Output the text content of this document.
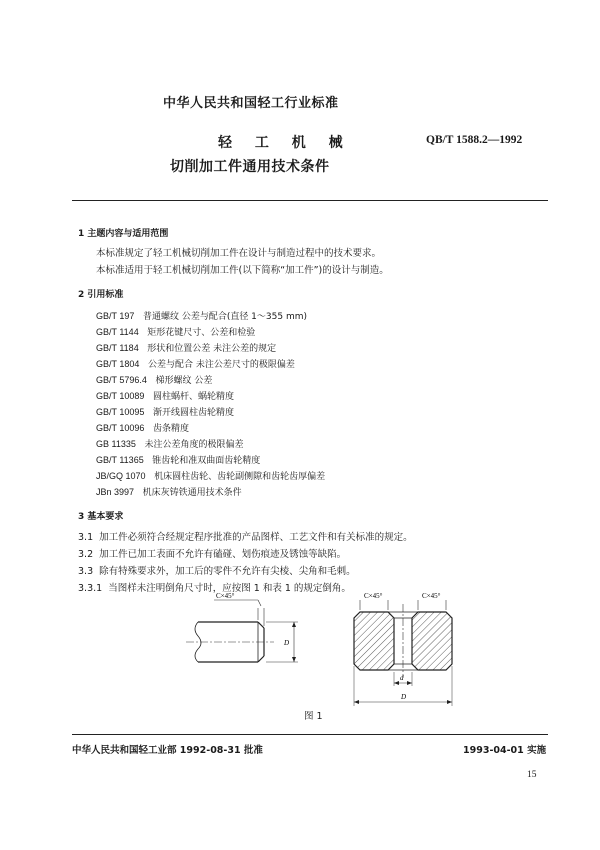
中华人民共和国轻工行业标准
轻 工 机 械
切削加工件通用技术条件
QB/T 1588.2—1992
1 主题内容与适用范围
本标准规定了轻工机械切削加工件在设计与制造过程中的技术要求。
本标准适用于轻工机械切削加工件(以下简称“加工件”)的设计与制造。
2 引用标准
GB/T 197 普通螺纹 公差与配合(直径 1～355 mm)
GB/T 1144 矩形花键尺寸、公差和检验
GB/T 1184 形状和位置公差 未注公差的规定
GB/T 1804 公差与配合 未注公差尺寸的极限偏差
GB/T 5796.4 梯形螺纹 公差
GB/T 10089 圆柱蜗杆、蜗轮精度
GB/T 10095 渐开线圆柱齿轮精度
GB/T 10096 齿条精度
GB 11335 未注公差角度的极限偏差
GB/T 11365 锥齿轮和准双曲面齿轮精度
JB/GQ 1070 机床圆柱齿轮、齿轮副侧隙和齿轮齿厚偏差
JBn 3997 机床灰铸铁通用技术条件
3 基本要求
3.1 加工件必须符合经规定程序批准的产品图样、工艺文件和有关标准的规定。
3.2 加工件已加工表面不允许有磕碰、划伤痕迹及锈蚀等缺陷。
3.3 除有特殊要求外，加工后的零件不允许有尖棱、尖角和毛刺。
3.3.1 当图样未注明倒角尺寸时，应按图 1 和表 1 的规定倒角。
C×45°
D
C×45°	C×45°
d
D
图 1
中华人民共和国轻工业部 1992-08-31 批准	1993-04-01 实施
15
